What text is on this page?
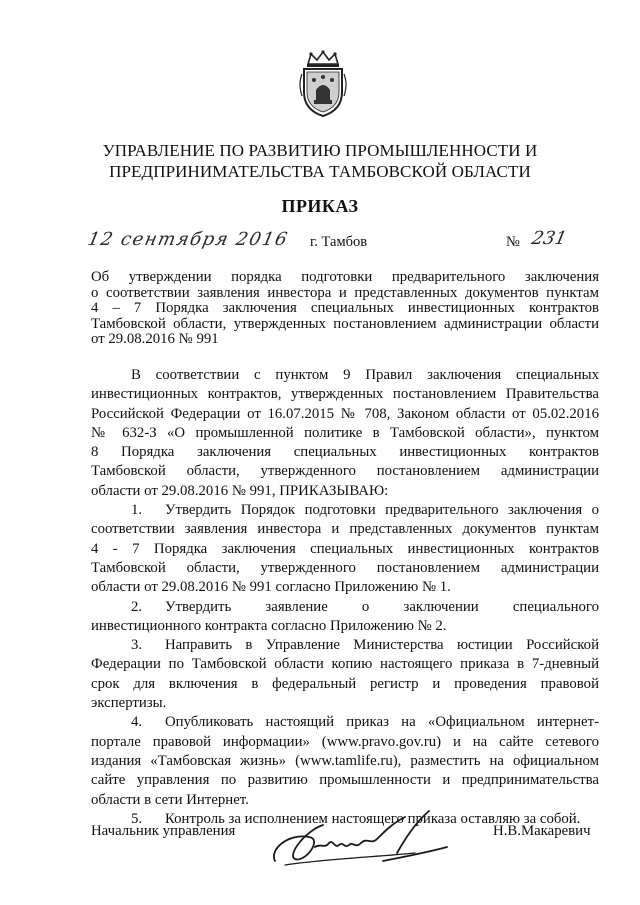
УПРАВЛЕНИЕ ПО РАЗВИТИЮ ПРОМЫШЛЕННОСТИ И
ПРЕДПРИНИМАТЕЛЬСТВА ТАМБОВСКОЙ ОБЛАСТИ
ПРИКАЗ
12 сентября 2016 г. Тамбов	№ 231
Об утверждении порядка подготовки предварительного заключения
о соответствии заявления инвестора и представленных документов пунктам
4 – 7 Порядка заключения специальных инвестиционных контрактов
Тамбовской области, утвержденных постановлением администрации области
от 29.08.2016 № 991
В соответствии с пунктом 9 Правил заключения специальных
инвестиционных контрактов, утвержденных постановлением Правительства
Российской Федерации от 16.07.2015 № 708, Законом области от 05.02.2016
№ 632-З «О промышленной политике в Тамбовской области», пунктом
8 Порядка заключения специальных инвестиционных контрактов
Тамбовской области, утвержденного постановлением администрации
области от 29.08.2016 № 991, ПРИКАЗЫВАЮ:
1. Утвердить Порядок подготовки предварительного заключения о
соответствии заявления инвестора и представленных документов пунктам
4 - 7 Порядка заключения специальных инвестиционных контрактов
Тамбовской области, утвержденного постановлением администрации
области от 29.08.2016 № 991 согласно Приложению № 1.
2. Утвердить заявление о заключении специального
инвестиционного контракта согласно Приложению № 2.
3. Направить в Управление Министерства юстиции Российской
Федерации по Тамбовской области копию настоящего приказа в 7-дневный
срок для включения в федеральный регистр и проведения правовой
экспертизы.
4. Опубликовать настоящий приказ на «Официальном интернет-
портале правовой информации» (www.pravo.gov.ru) и на сайте сетевого
издания «Тамбовская жизнь» (www.tamlife.ru), разместить на официальном
сайте управления по развитию промышленности и предпринимательства
области в сети Интернет.
5. Контроль за исполнением настоящего приказа оставляю за собой.
Начальник управления	Н.В.Макаревич
